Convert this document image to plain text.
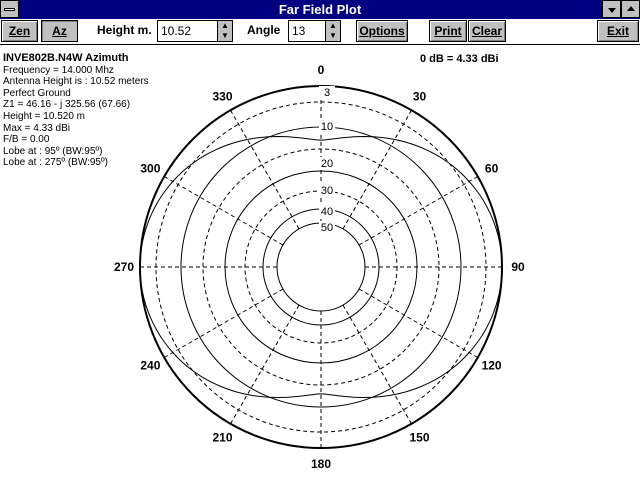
Far Field Plot
Zen	Az	Height m. 10.52	▲
▼ Angle 13	▲
▼ Options	Print Clear	Exit
INVE802B.N4W Azimuth
Frequency = 14.000 Mhz
Antenna Height is : 10.52 meters
Perfect Ground
Z1 = 46.16 - j 325.56 (67.66)
Height = 10.520 m
Max = 4.33 dBi
F/B = 0.00
Lobe at : 95º (BW:95º)
Lobe at : 275º (BW:95º)
0 dB = 4.33 dBi
0
30
60
90
120
150
180
210
240
270
300
330	3
10
20
30
40
50
